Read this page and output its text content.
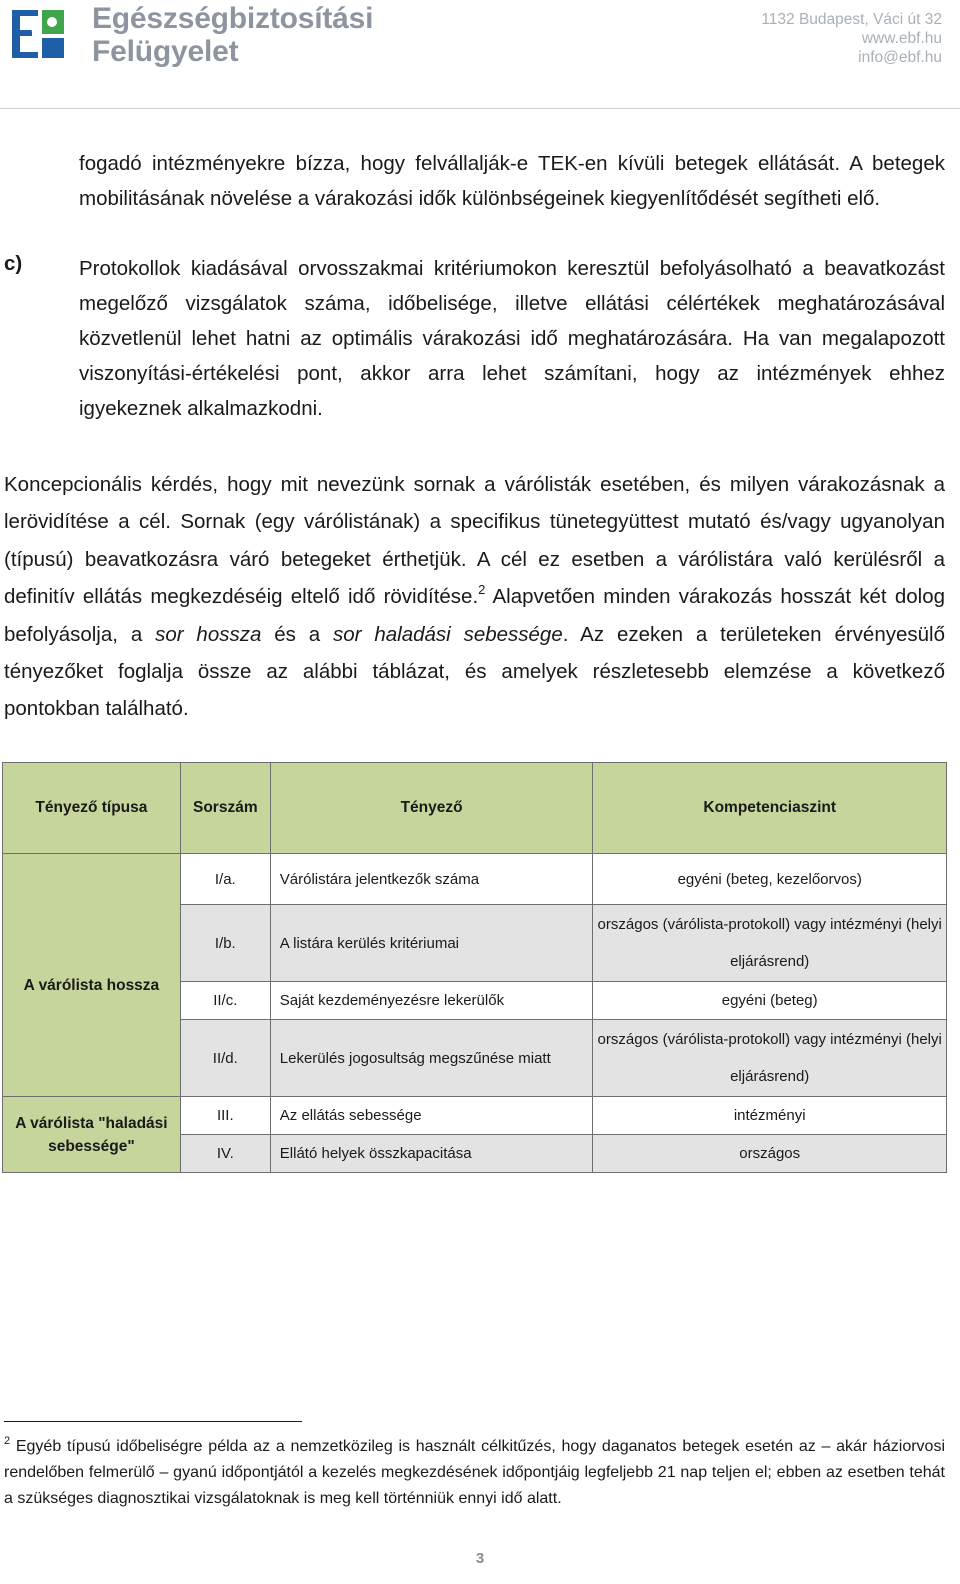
Egészségbiztosítási
Felügyelet
1132 Budapest, Váci út 32
www.ebf.hu
info@ebf.hu
fogadó intézményekre bízza, hogy felvállalják-e TEK-en kívüli betegek ellátását. A betegek mobilitásának növelése a várakozási idők különbségeinek kiegyenlítődését segítheti elő.
c)	Protokollok kiadásával orvosszakmai kritériumokon keresztül befolyásolható a beavatkozást megelőző vizsgálatok száma, időbelisége, illetve ellátási célértékek meghatározásával közvetlenül lehet hatni az optimális várakozási idő meghatározására. Ha van megalapozott viszonyítási-értékelési pont, akkor arra lehet számítani, hogy az intézmények ehhez igyekeznek alkalmazkodni.
Koncepcionális kérdés, hogy mit nevezünk sornak a várólisták esetében, és milyen várakozásnak a lerövidítése a cél. Sornak (egy várólistának) a specifikus tünetegyüttest mutató és/vagy ugyanolyan (típusú) beavatkozásra váró betegeket érthetjük. A cél ez esetben a várólistára való kerülésről a definitív ellátás megkezdéséig eltelő idő rövidítése.$^2$ Alapvetően minden várakozás hosszát két dolog befolyásolja, a sor hossza és a sor haladási sebessége. Az ezeken a területeken érvényesülő tényezőket foglalja össze az alábbi táblázat, és amelyek részletesebb elemzése a következő pontokban található.
Tényező típusa	Sorszám	Tényező	Kompetenciaszint
A várólista hossza	I/a.	Várólistára jelentkezők száma	egyéni (beteg, kezelőorvos)
	I/b.	A listára kerülés kritériumai	országos (várólista-protokoll) vagy intézményi (helyi eljárásrend)
	II/c.	Saját kezdeményezésre lekerülők	egyéni (beteg)
	II/d.	Lekerülés jogosultság megszűnése miatt	országos (várólista-protokoll) vagy intézményi (helyi eljárásrend)
A várólista "haladási sebessége"	III.	Az ellátás sebessége	intézményi
	IV.	Ellátó helyek összkapacitása	országos
$^2$ Egyéb típusú időbeliségre példa az a nemzetközileg is használt célkitűzés, hogy daganatos betegek esetén az – akár háziorvosi rendelőben felmerülő – gyanú időpontjától a kezelés megkezdésének időpontjáig legfeljebb 21 nap teljen el; ebben az esetben tehát a szükséges diagnosztikai vizsgálatoknak is meg kell történniük ennyi idő alatt.
3
